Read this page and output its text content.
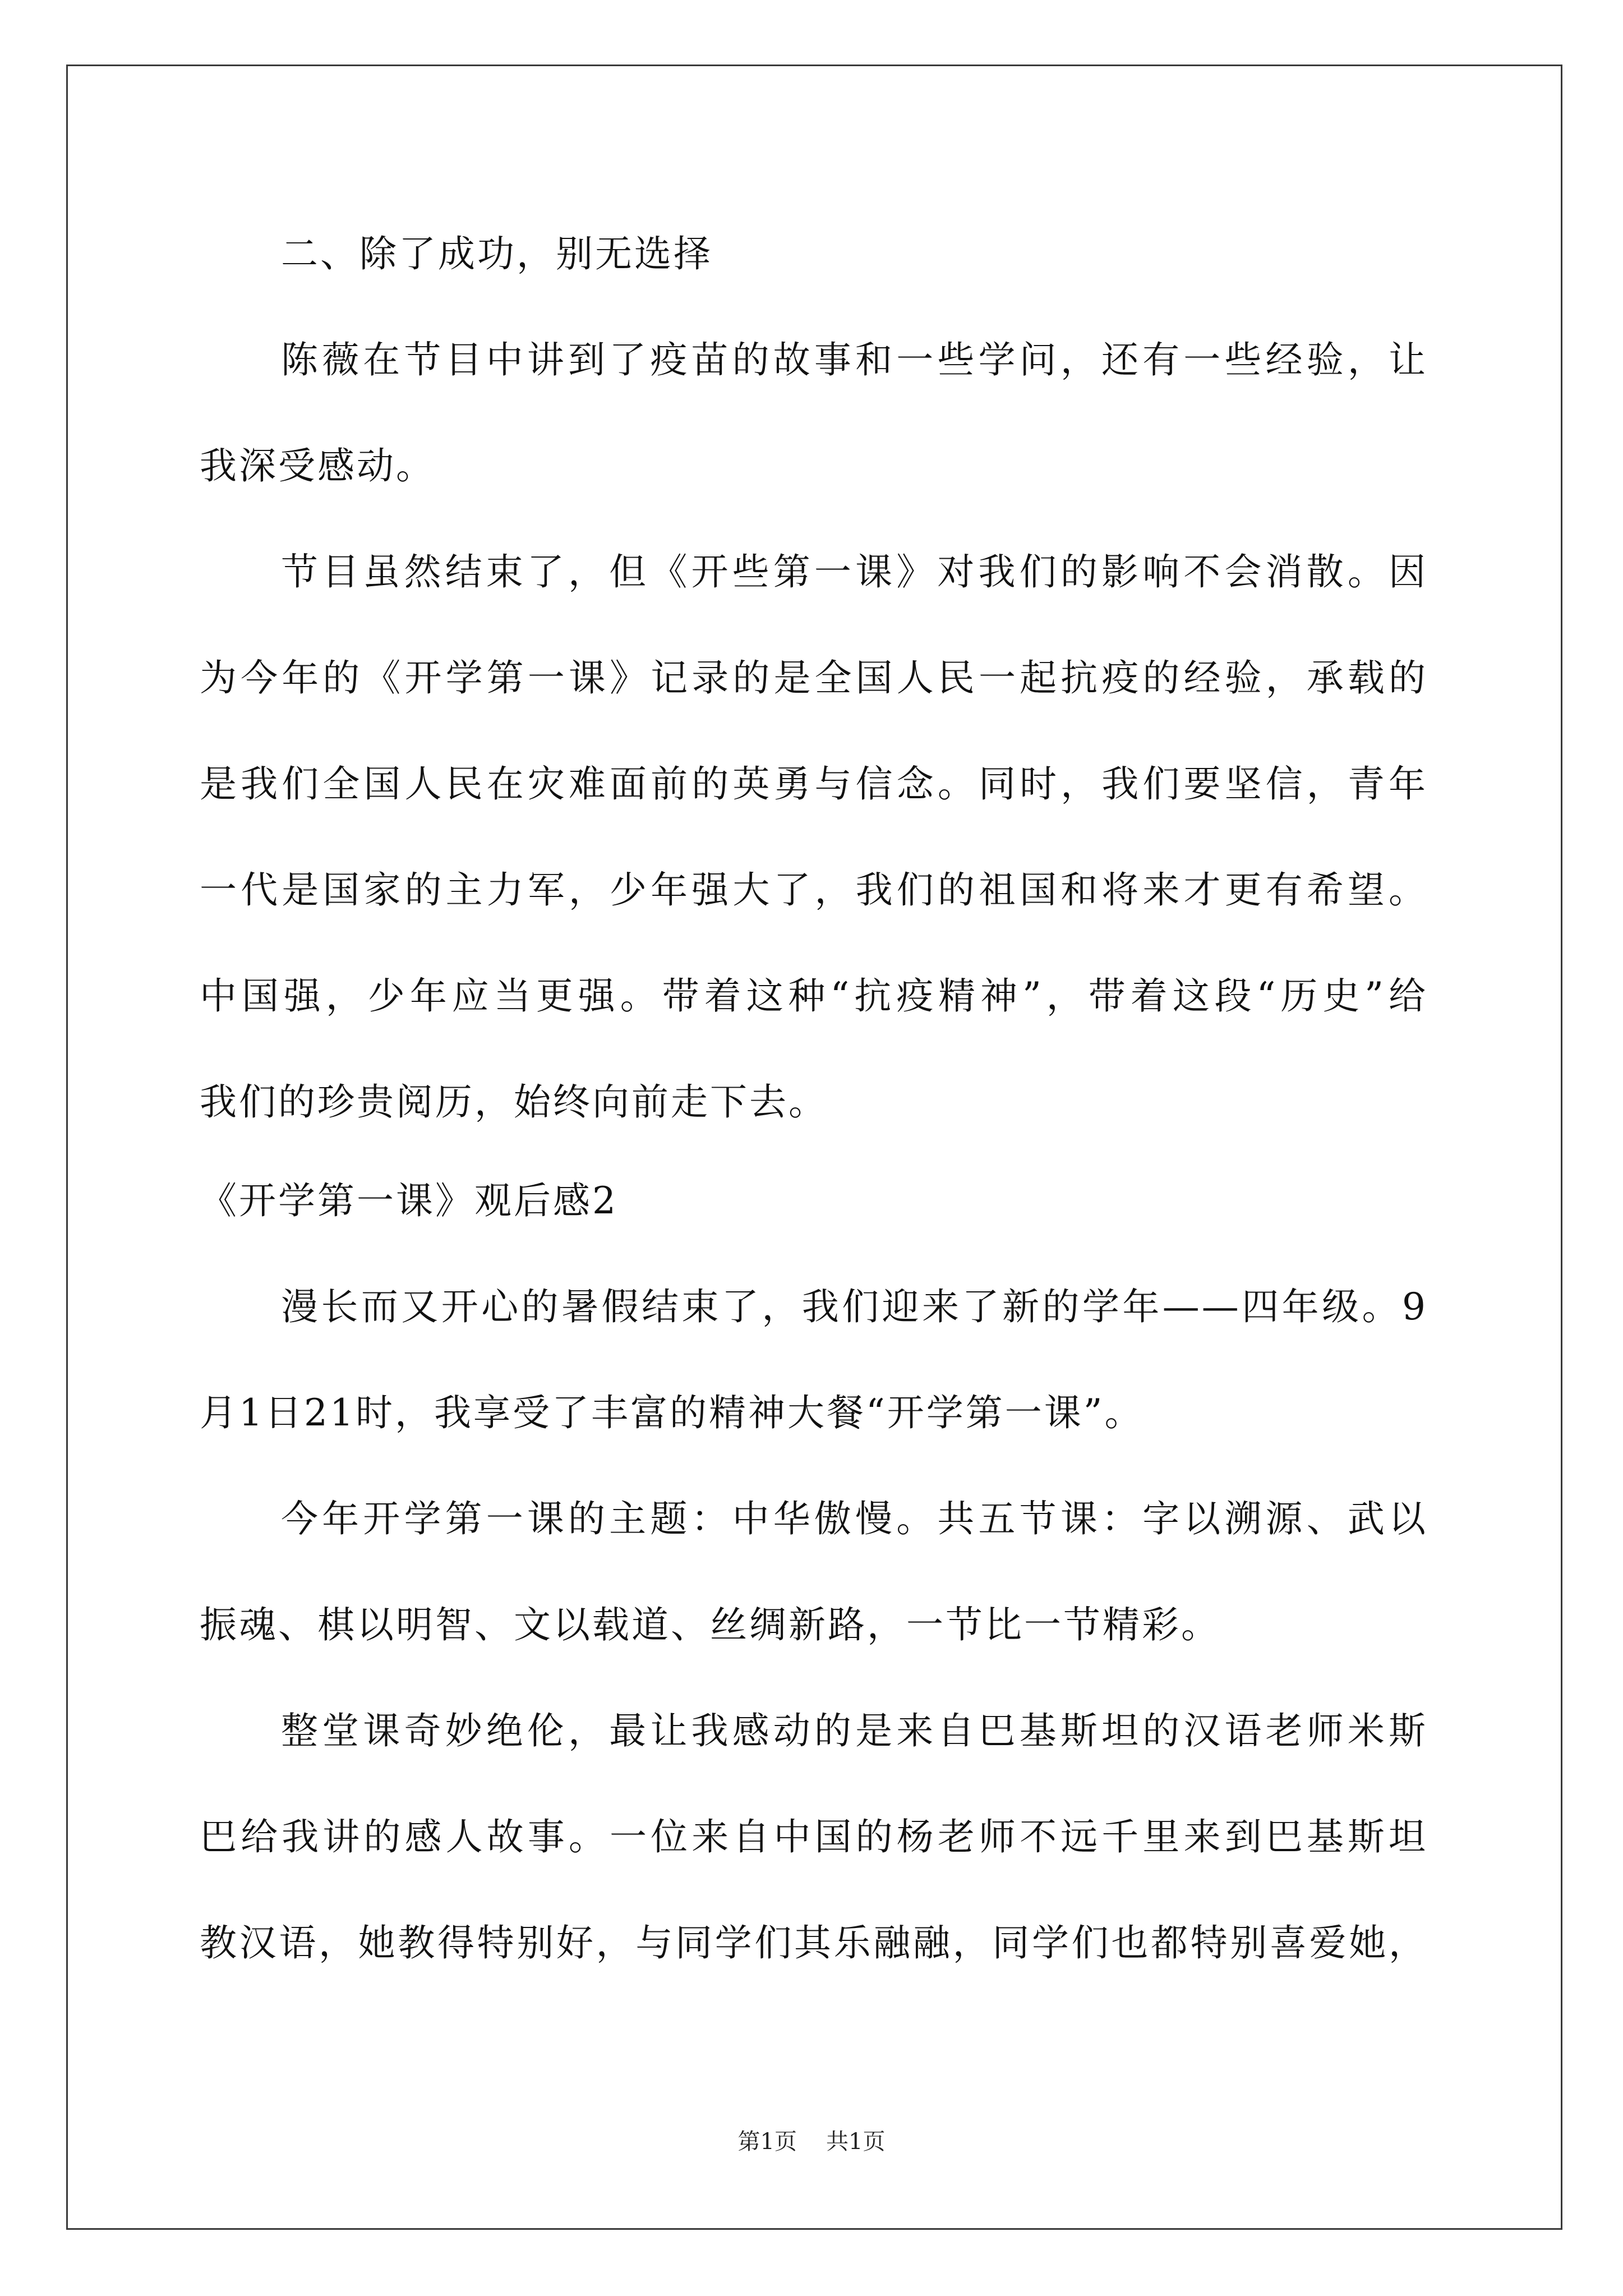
二、除了成功，别无选择
陈薇在节目中讲到了疫苗的故事和一些学问，还有一些经验，让
我深受感动。
节目虽然结束了，但《开些第一课》对我们的影响不会消散。因
为今年的《开学第一课》记录的是全国人民一起抗疫的经验，承载的
是我们全国人民在灾难面前的英勇与信念。同时，我们要坚信，青年
一代是国家的主力军，少年强大了，我们的祖国和将来才更有希望。
中国强，少年应当更强。带着这种“抗疫精神”，带着这段“历史”给
我们的珍贵阅历，始终向前走下去。
《开学第一课》观后感2
漫长而又开心的暑假结束了，我们迎来了新的学年——四年级。9
月1日21时，我享受了丰富的精神大餐“开学第一课”。
今年开学第一课的主题：中华傲慢。共五节课：字以溯源、武以
振魂、棋以明智、文以载道、丝绸新路，一节比一节精彩。
整堂课奇妙绝伦，最让我感动的是来自巴基斯坦的汉语老师米斯
巴给我讲的感人故事。一位来自中国的杨老师不远千里来到巴基斯坦
教汉语，她教得特别好，与同学们其乐融融，同学们也都特别喜爱她，
第1页 共1页
